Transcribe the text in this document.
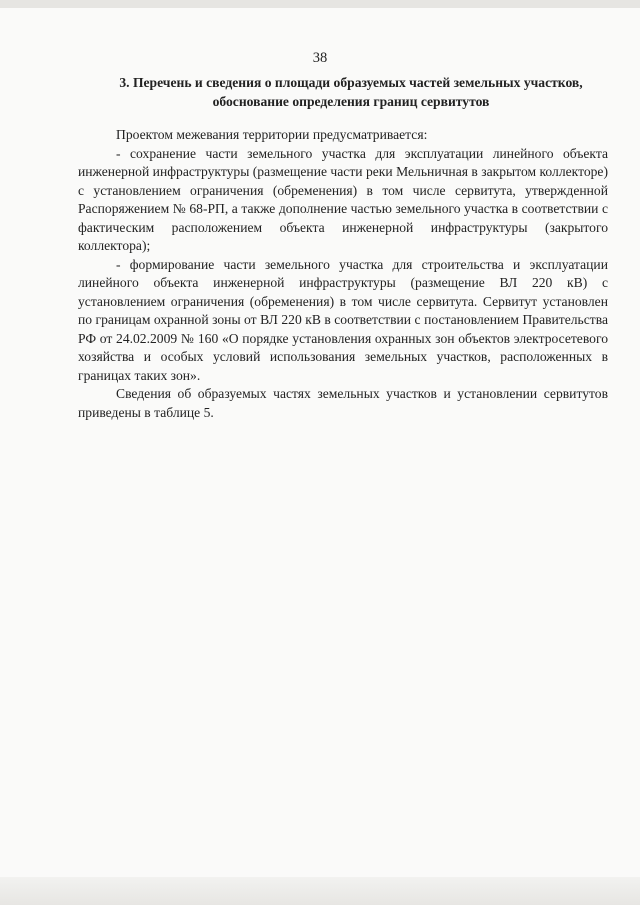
38
3. Перечень и сведения о площади образуемых частей земельных участков,
обоснование определения границ сервитутов

Проектом межевания территории предусматривается:

- сохранение части земельного участка для эксплуатации линейного объекта инженерной инфраструктуры (размещение части реки Мельничная в закрытом коллекторе) с установлением ограничения (обременения) в том числе сервитута, утвержденной Распоряжением № 68-РП, а также дополнение частью земельного участка в соответствии с фактическим расположением объекта инженерной инфраструктуры (закрытого коллектора);

- формирование части земельного участка для строительства и эксплуатации линейного объекта инженерной инфраструктуры (размещение ВЛ 220 кВ) с установлением ограничения (обременения) в том числе сервитута. Сервитут установлен по границам охранной зоны от ВЛ 220 кВ в соответствии с постановлением Правительства РФ от 24.02.2009 № 160 «О порядке установления охранных зон объектов электросетевого хозяйства и особых условий использования земельных участков, расположенных в границах таких зон».

Сведения об образуемых частях земельных участков и установлении сервитутов приведены в таблице 5.
